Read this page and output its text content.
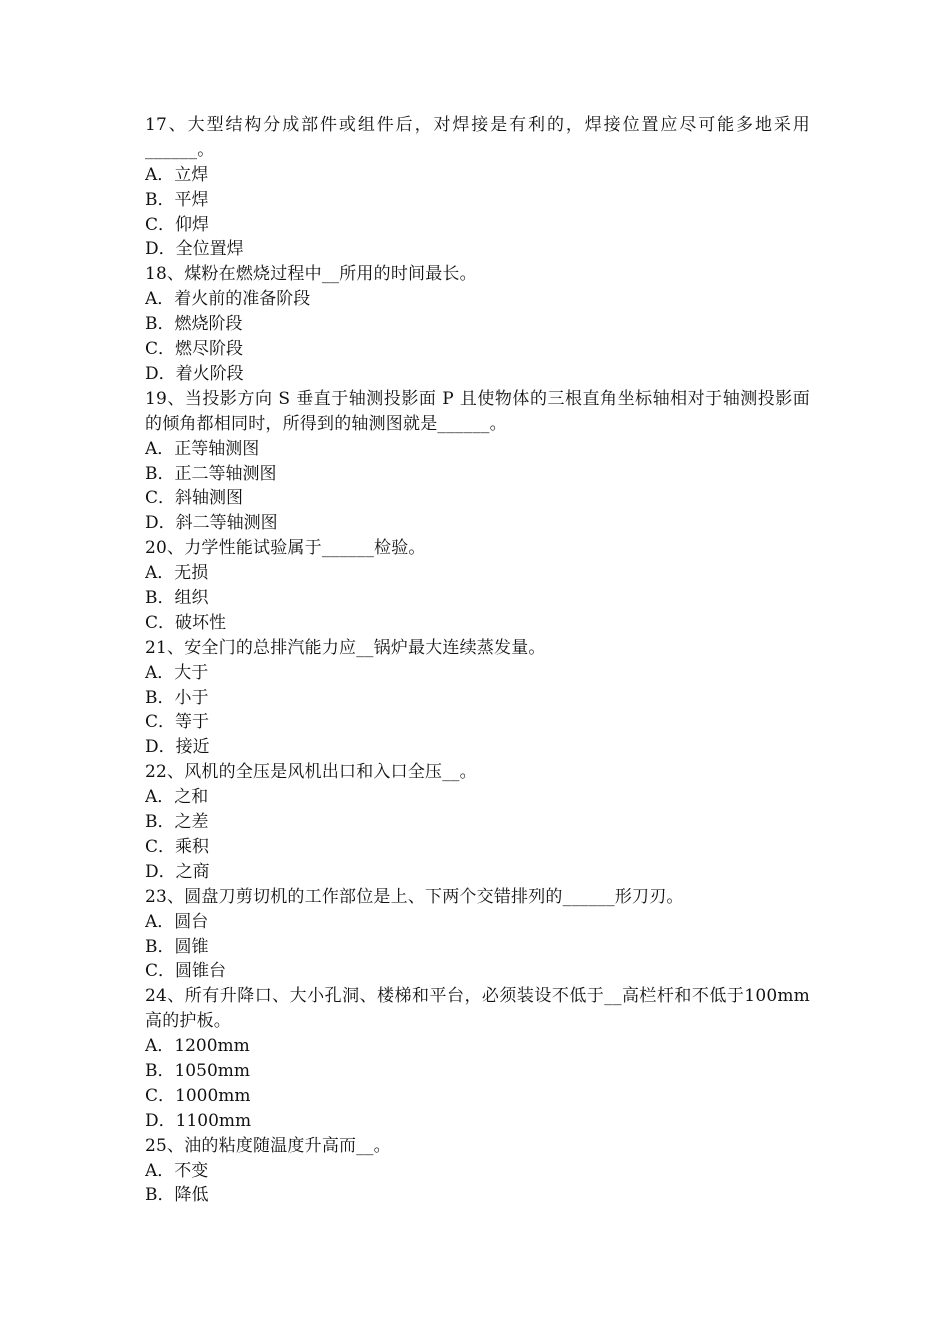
17、大型结构分成部件或组件后，对焊接是有利的，焊接位置应尽可能多地采用______。
A．立焊
B．平焊
C．仰焊
D．全位置焊
18、煤粉在燃烧过程中__所用的时间最长。
A．着火前的准备阶段
B．燃烧阶段
C．燃尽阶段
D．着火阶段
19、当投影方向 S 垂直于轴测投影面 P 且使物体的三根直角坐标轴相对于轴测投影面的倾角都相同时，所得到的轴测图就是______。
A．正等轴测图
B．正二等轴测图
C．斜轴测图
D．斜二等轴测图
20、力学性能试验属于______检验。
A．无损
B．组织
C．破坏性
21、安全门的总排汽能力应__锅炉最大连续蒸发量。
A．大于
B．小于
C．等于
D．接近
22、风机的全压是风机出口和入口全压__。
A．之和
B．之差
C．乘积
D．之商
23、圆盘刀剪切机的工作部位是上、下两个交错排列的______形刀刃。
A．圆台
B．圆锥
C．圆锥台
24、所有升降口、大小孔洞、楼梯和平台，必须装设不低于__高栏杆和不低于100mm 高的护板。
A．1200mm
B．1050mm
C．1000mm
D．1100mm
25、油的粘度随温度升高而__。
A．不变
B．降低
